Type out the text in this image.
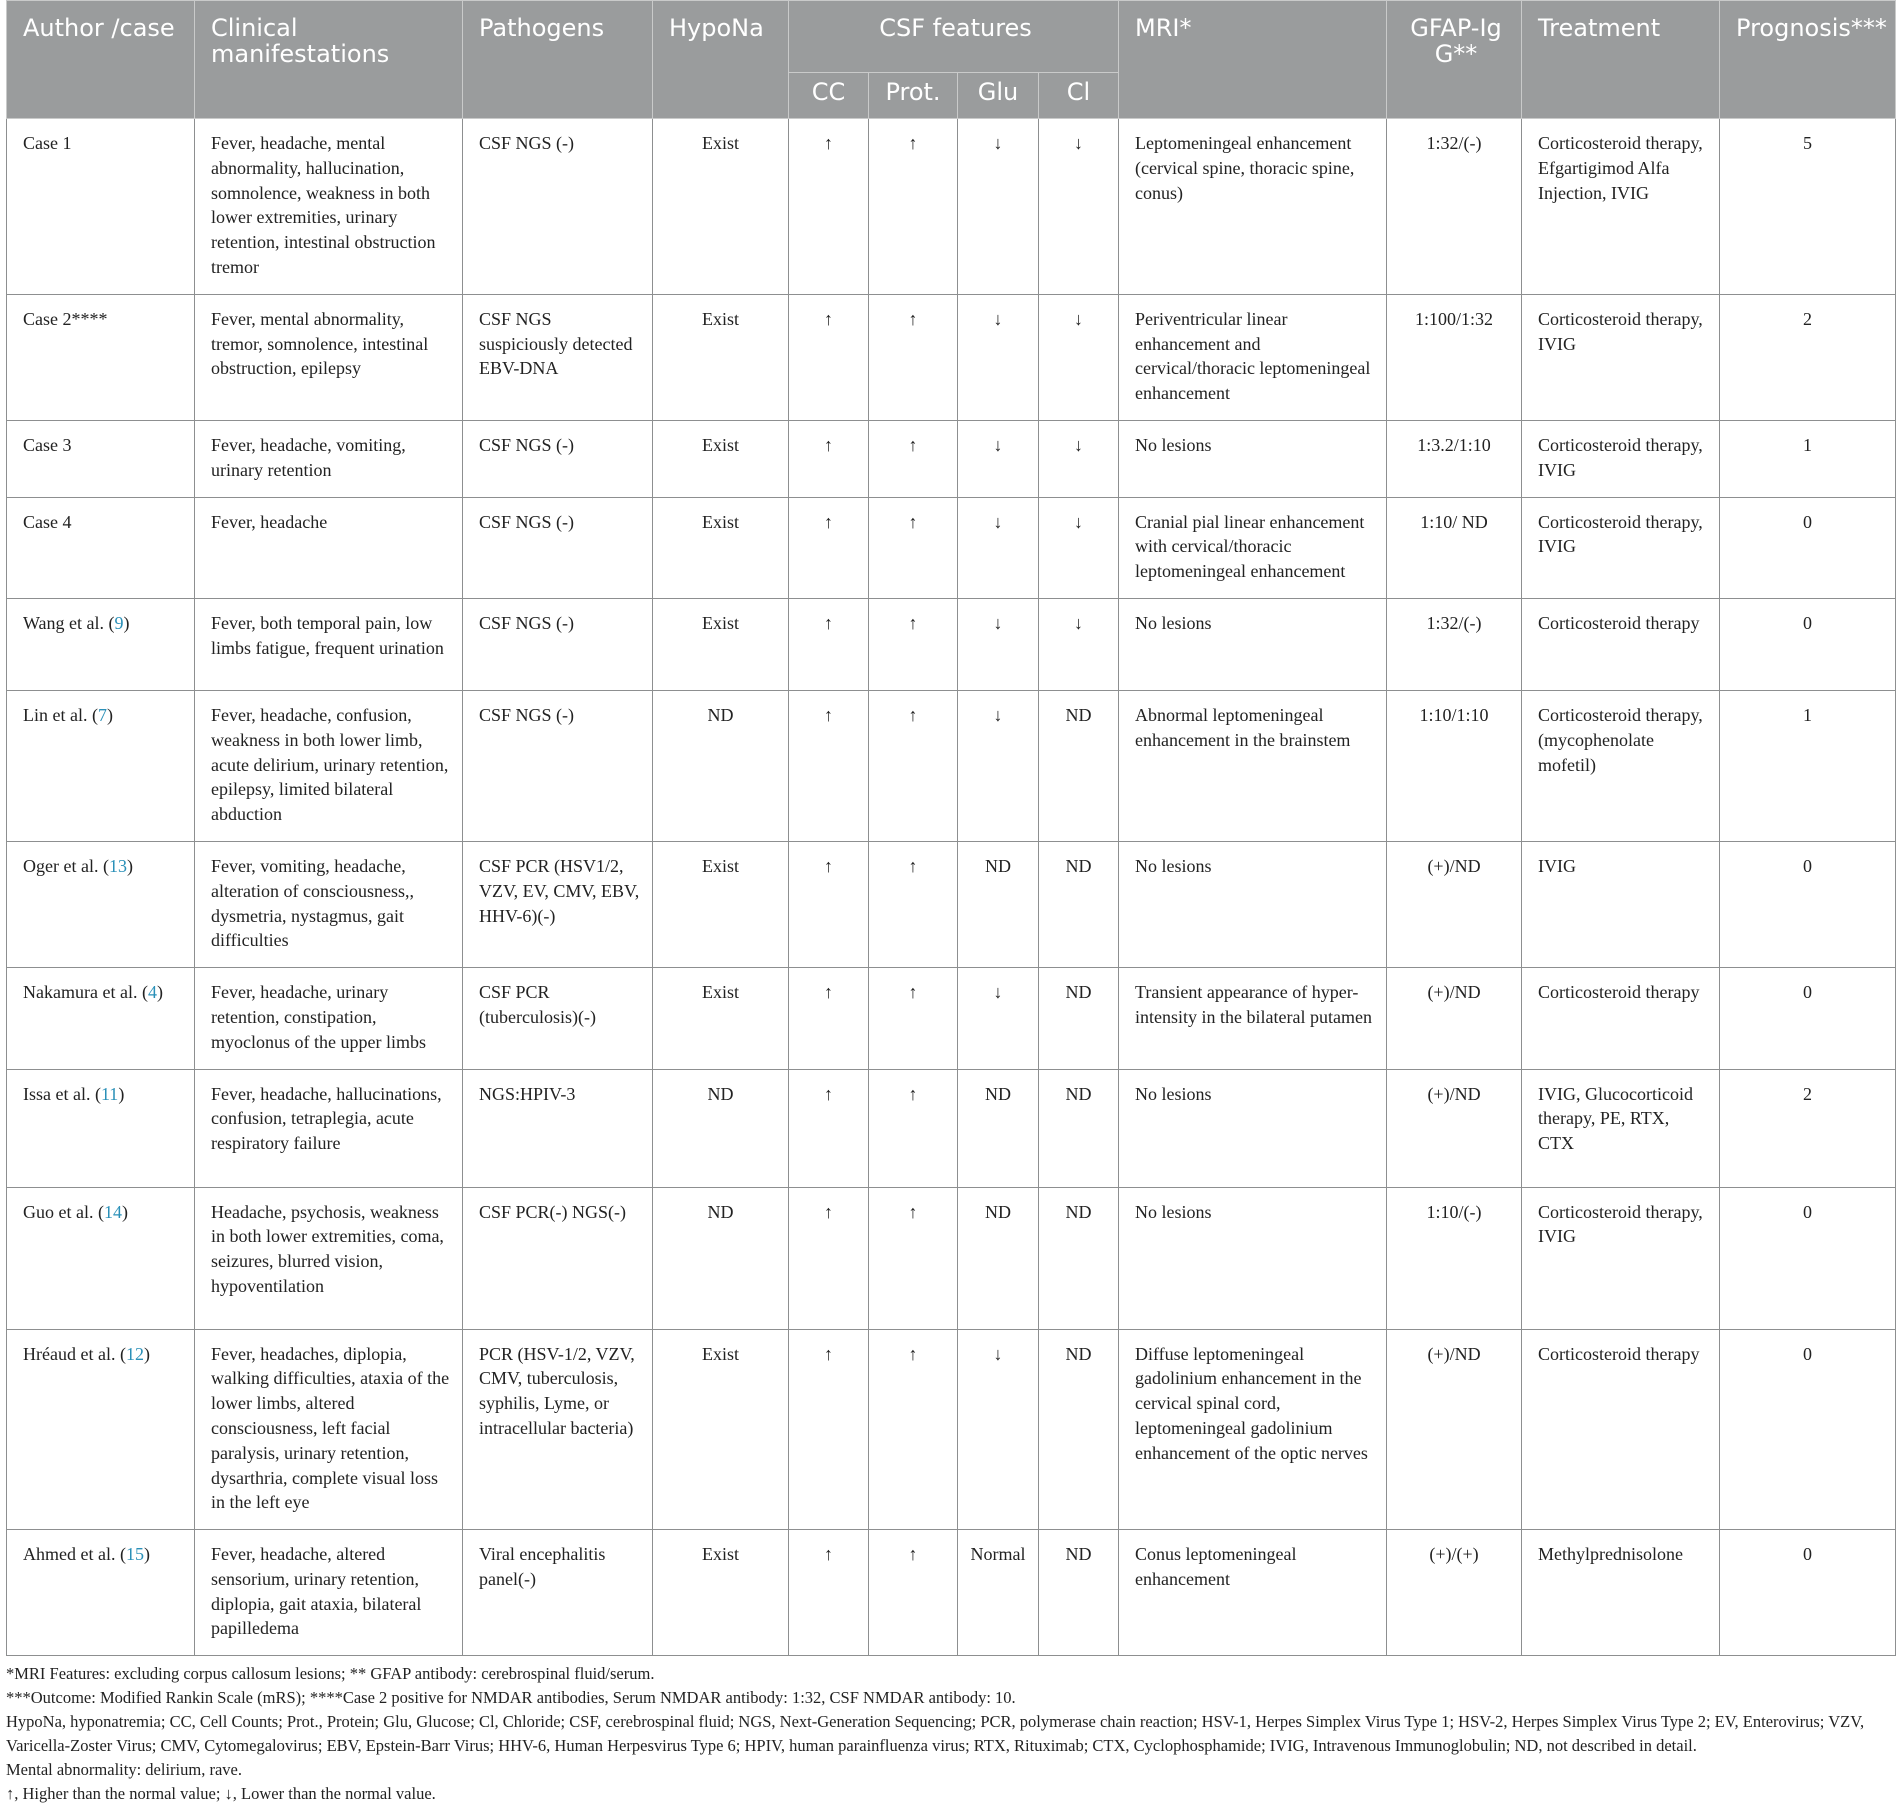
Author /case	Clinical manifestations	Pathogens	HypoNa	CSF features				MRI*	GFAP-Ig G**	Treatment	Prognosis***
				CC	Prot.	Glu	Cl				
Case 1	Fever, headache, mental abnormality, hallucination, somnolence, weakness in both lower extremities, urinary retention, intestinal obstruction tremor	CSF NGS (-)	Exist	↑	↑	↓	↓	Leptomeningeal enhancement (cervical spine, thoracic spine, conus)	1:32/(-)	Corticosteroid therapy, Efgartigimod Alfa Injection, IVIG	5
Case 2****	Fever, mental abnormality, tremor, somnolence, intestinal obstruction, epilepsy	CSF NGS suspiciously detected EBV-DNA	Exist	↑	↑	↓	↓	Periventricular linear enhancement and cervical/thoracic leptomeningeal enhancement	1:100/1:32	Corticosteroid therapy, IVIG	2
Case 3	Fever, headache, vomiting, urinary retention	CSF NGS (-)	Exist	↑	↑	↓	↓	No lesions	1:3.2/1:10	Corticosteroid therapy, IVIG	1
Case 4	Fever, headache	CSF NGS (-)	Exist	↑	↑	↓	↓	Cranial pial linear enhancement with cervical/thoracic leptomeningeal enhancement	1:10/ ND	Corticosteroid therapy, IVIG	0
Wang et al. (9)	Fever, both temporal pain, low limbs fatigue, frequent urination	CSF NGS (-)	Exist	↑	↑	↓	↓	No lesions	1:32/(-)	Corticosteroid therapy	0
Lin et al. (7)	Fever, headache, confusion, weakness in both lower limb, acute delirium, urinary retention, epilepsy, limited bilateral abduction	CSF NGS (-)	ND	↑	↑	↓	ND	Abnormal leptomeningeal enhancement in the brainstem	1:10/1:10	Corticosteroid therapy, (mycophenolate mofetil)	1
Oger et al. (13)	Fever, vomiting, headache, alteration of consciousness,, dysmetria, nystagmus, gait difficulties	CSF PCR (HSV1/2, VZV, EV, CMV, EBV, HHV-6)(-)	Exist	↑	↑	ND	ND	No lesions	(+)/ND	IVIG	0
Nakamura et al. (4)	Fever, headache, urinary retention, constipation, myoclonus of the upper limbs	CSF PCR (tuberculosis)(-)	Exist	↑	↑	↓	ND	Transient appearance of hyper-intensity in the bilateral putamen	(+)/ND	Corticosteroid therapy	0
Issa et al. (11)	Fever, headache, hallucinations, confusion, tetraplegia, acute respiratory failure	NGS:HPIV-3	ND	↑	↑	ND	ND	No lesions	(+)/ND	IVIG, Glucocorticoid therapy, PE, RTX, CTX	2
Guo et al. (14)	Headache, psychosis, weakness in both lower extremities, coma, seizures, blurred vision, hypoventilation	CSF PCR(-) NGS(-)	ND	↑	↑	ND	ND	No lesions	1:10/(-)	Corticosteroid therapy, IVIG	0
Hréaud et al. (12)	Fever, headaches, diplopia, walking difficulties, ataxia of the lower limbs, altered consciousness, left facial paralysis, urinary retention, dysarthria, complete visual loss in the left eye	PCR (HSV-1/2, VZV, CMV, tuberculosis, syphilis, Lyme, or intracellular bacteria)	Exist	↑	↑	↓	ND	Diffuse leptomeningeal gadolinium enhancement in the cervical spinal cord, leptomeningeal gadolinium enhancement of the optic nerves	(+)/ND	Corticosteroid therapy	0
Ahmed et al. (15)	Fever, headache, altered sensorium, urinary retention, diplopia, gait ataxia, bilateral papilledema	Viral encephalitis panel(-)	Exist	↑	↑	Normal	ND	Conus leptomeningeal enhancement	(+)/(+)	Methylprednisolone	0
*MRI Features: excluding corpus callosum lesions; ** GFAP antibody: cerebrospinal fluid/serum.
***Outcome: Modified Rankin Scale (mRS); ****Case 2 positive for NMDAR antibodies, Serum NMDAR antibody: 1:32, CSF NMDAR antibody: 10.
HypoNa, hyponatremia; CC, Cell Counts; Prot., Protein; Glu, Glucose; Cl, Chloride; CSF, cerebrospinal fluid; NGS, Next-Generation Sequencing; PCR, polymerase chain reaction; HSV-1, Herpes Simplex Virus Type 1; HSV-2, Herpes Simplex Virus Type 2; EV, Enterovirus; VZV, Varicella-Zoster Virus; CMV, Cytomegalovirus; EBV, Epstein-Barr Virus; HHV-6, Human Herpesvirus Type 6; HPIV, human parainfluenza virus; RTX, Rituximab; CTX, Cyclophosphamide; IVIG, Intravenous Immunoglobulin; ND, not described in detail.
Mental abnormality: delirium, rave.
↑, Higher than the normal value; ↓, Lower than the normal value.
